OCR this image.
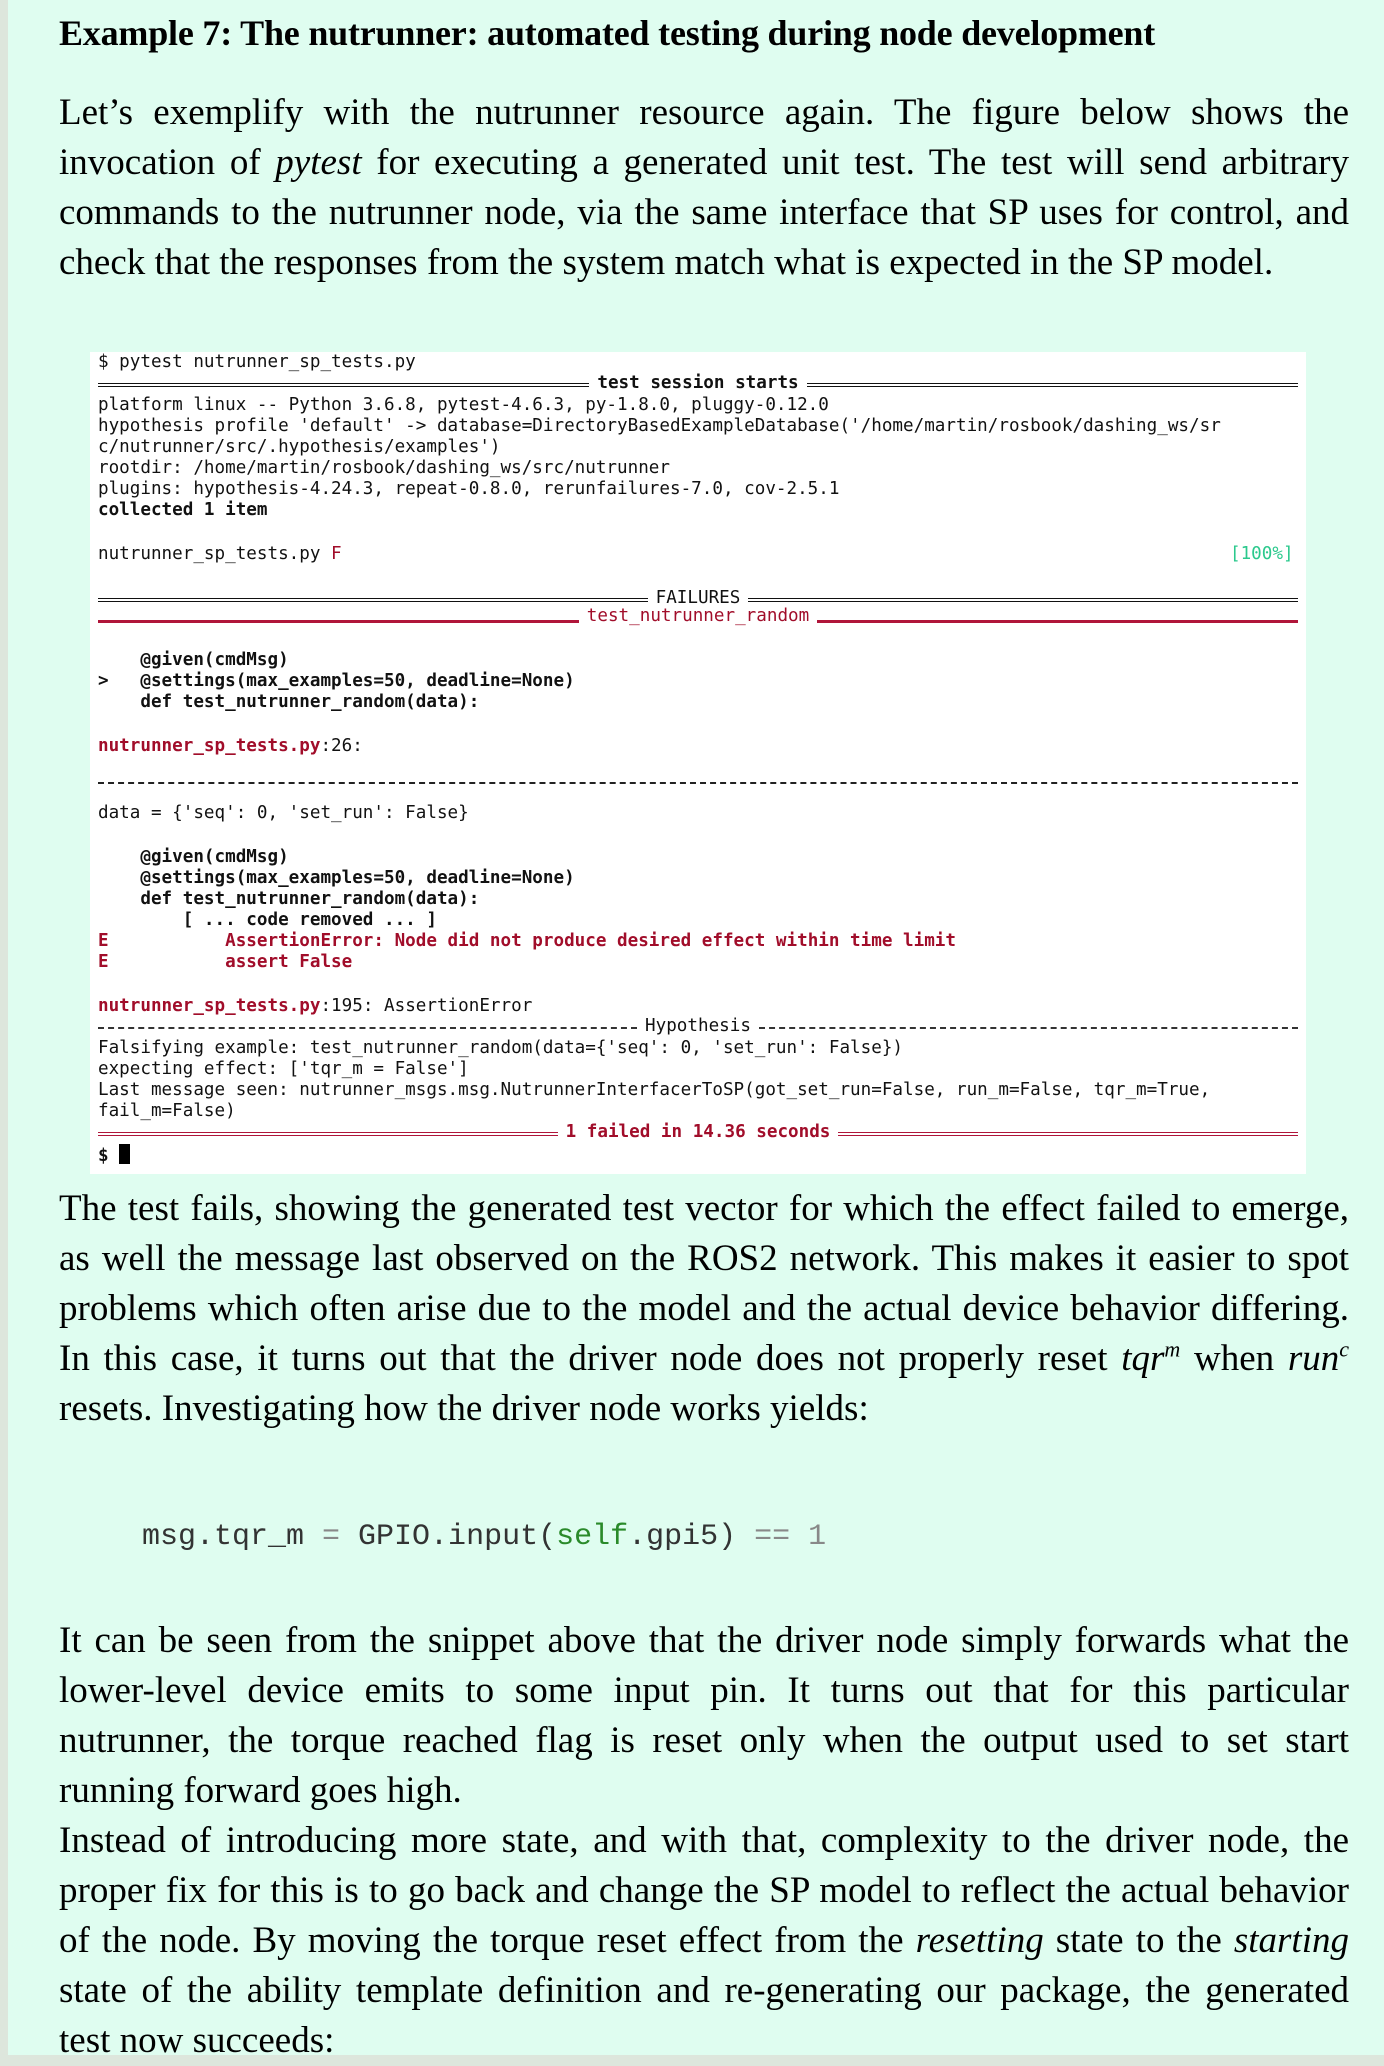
Example 7: The nutrunner: automated testing during node development
Let’s exemplify with the nutrunner resource again. The figure below shows the invocation of pytest for executing a generated unit test. The test will send arbitrary commands to the nutrunner node, via the same interface that SP uses for control, and check that the responses from the system match what is expected in the SP model.
$ pytest nutrunner_sp_tests.py
test session starts
platform linux -- Python 3.6.8, pytest-4.6.3, py-1.8.0, pluggy-0.12.0
hypothesis profile 'default' -> database=DirectoryBasedExampleDatabase('/home/martin/rosbook/dashing_ws/sr
c/nutrunner/src/.hypothesis/examples')
rootdir: /home/martin/rosbook/dashing_ws/src/nutrunner
plugins: hypothesis-4.24.3, repeat-0.8.0, rerunfailures-7.0, cov-2.5.1
collected 1 item
nutrunner_sp_tests.py F	[100%]
FAILURES
test_nutrunner_random
@given(cmdMsg)
>   @settings(max_examples=50, deadline=None)
def test_nutrunner_random(data):
nutrunner_sp_tests.py:26:
data = {'seq': 0, 'set_run': False}
@given(cmdMsg)
@settings(max_examples=50, deadline=None)
def test_nutrunner_random(data):
[ ... code removed ... ]
E           AssertionError: Node did not produce desired effect within time limit
E           assert False
nutrunner_sp_tests.py:195: AssertionError
Hypothesis
Falsifying example: test_nutrunner_random(data={'seq': 0, 'set_run': False})
expecting effect: ['tqr_m = False']
Last message seen: nutrunner_msgs.msg.NutrunnerInterfacerToSP(got_set_run=False, run_m=False, tqr_m=True,
fail_m=False)
1 failed in 14.36 seconds
$
The test fails, showing the generated test vector for which the effect failed to emerge, as well the message last observed on the ROS2 network. This makes it easier to spot problems which often arise due to the model and the actual device behavior differing. In this case, it turns out that the driver node does not properly reset tqr$^m$ when run$^c$ resets. Investigating how the driver node works yields:
msg.tqr_m = GPIO.input(self.gpi5) == 1
It can be seen from the snippet above that the driver node simply forwards what the lower-level device emits to some input pin. It turns out that for this particular nutrunner, the torque reached flag is reset only when the output used to set start running forward goes high.
Instead of introducing more state, and with that, complexity to the driver node, the proper fix for this is to go back and change the SP model to reflect the actual behavior of the node. By moving the torque reset effect from the resetting state to the starting state of the ability template definition and re-generating our package, the generated test now succeeds:
